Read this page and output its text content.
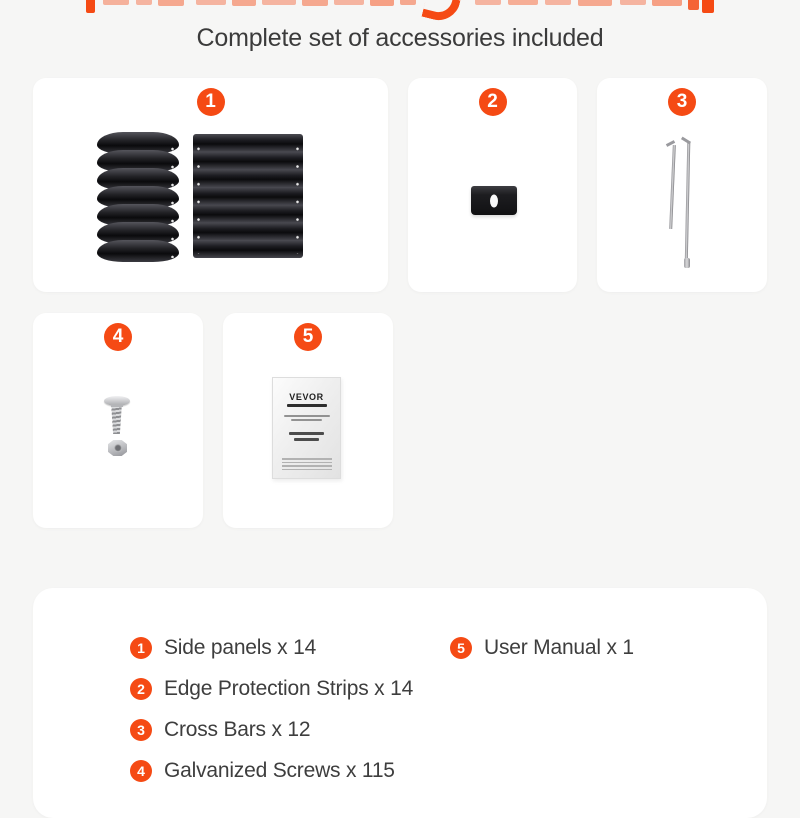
Complete set of accessories included
1	2	3
4	5
VEVOR
1 Side panels x 14
2 Edge Protection Strips x 14
3 Cross Bars x 12
4 Galvanized Screws x 115
5 User Manual x 1
